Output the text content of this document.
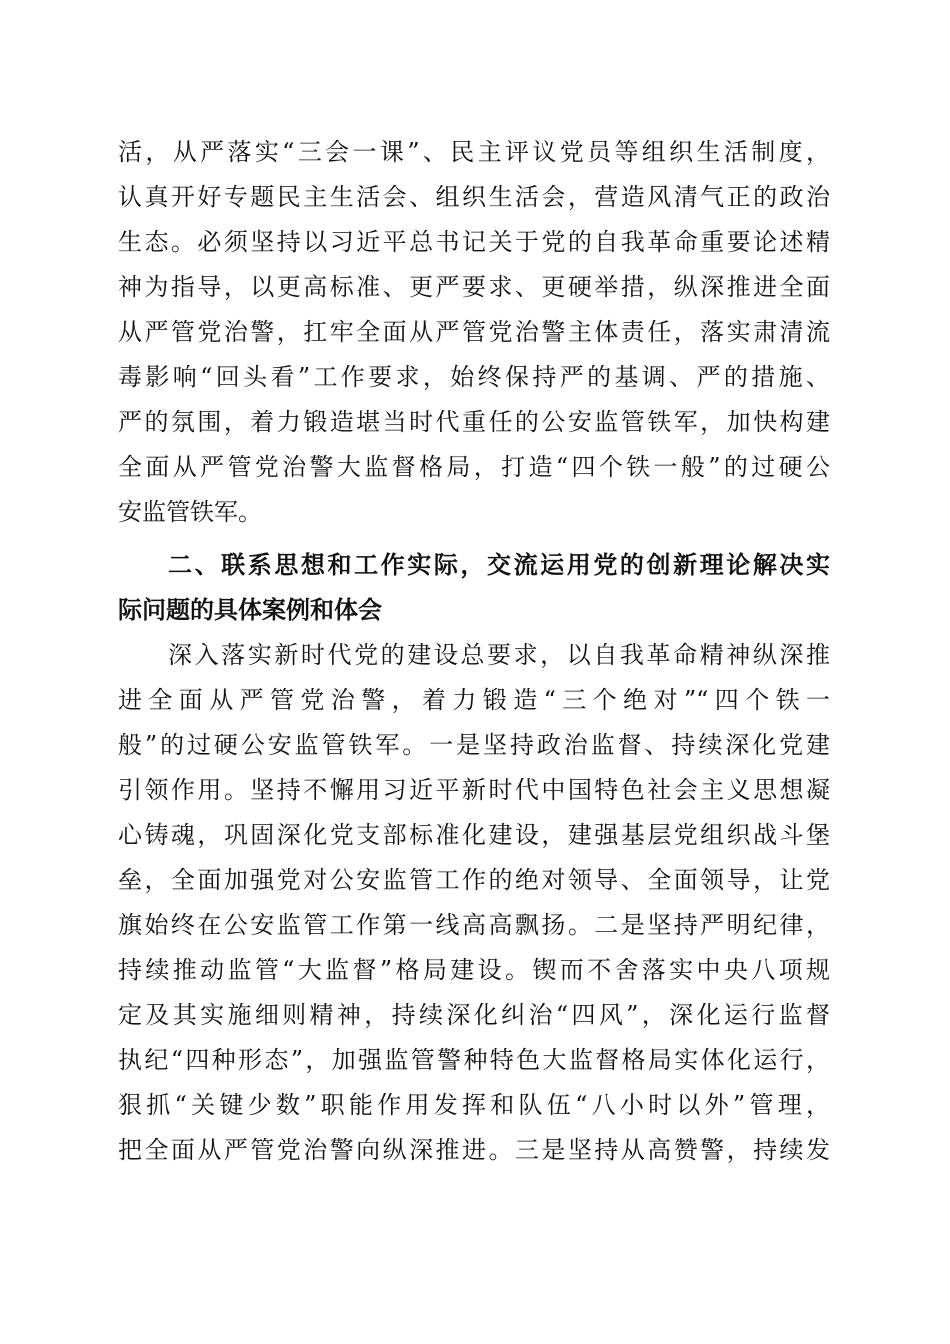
活，从严落实“三会一课”、民主评议党员等组织生活制度，
认真开好专题民主生活会、组织生活会，营造风清气正的政治
生态。必须坚持以习近平总书记关于党的自我革命重要论述精
神为指导，以更高标准、更严要求、更硬举措，纵深推进全面
从严管党治警，扛牢全面从严管党治警主体责任，落实肃清流
毒影响“回头看”工作要求，始终保持严的基调、严的措施、
严的氛围，着力锻造堪当时代重任的公安监管铁军，加快构建
全面从严管党治警大监督格局，打造“四个铁一般”的过硬公
安监管铁军。
二、联系思想和工作实际，交流运用党的创新理论解决实
际问题的具体案例和体会
深入落实新时代党的建设总要求，以自我革命精神纵深推
进全面从严管党治警，着力锻造“三个绝对”“四个铁一
般”的过硬公安监管铁军。一是坚持政治监督、持续深化党建
引领作用。坚持不懈用习近平新时代中国特色社会主义思想凝
心铸魂，巩固深化党支部标准化建设，建强基层党组织战斗堡
垒，全面加强党对公安监管工作的绝对领导、全面领导，让党
旗始终在公安监管工作第一线高高飘扬。二是坚持严明纪律，
持续推动监管“大监督”格局建设。锲而不舍落实中央八项规
定及其实施细则精神，持续深化纠治“四风”，深化运行监督
执纪“四种形态”，加强监管警种特色大监督格局实体化运行，
狠抓“关键少数”职能作用发挥和队伍“八小时以外”管理，
把全面从严管党治警向纵深推进。三是坚持从高赞警，持续发
